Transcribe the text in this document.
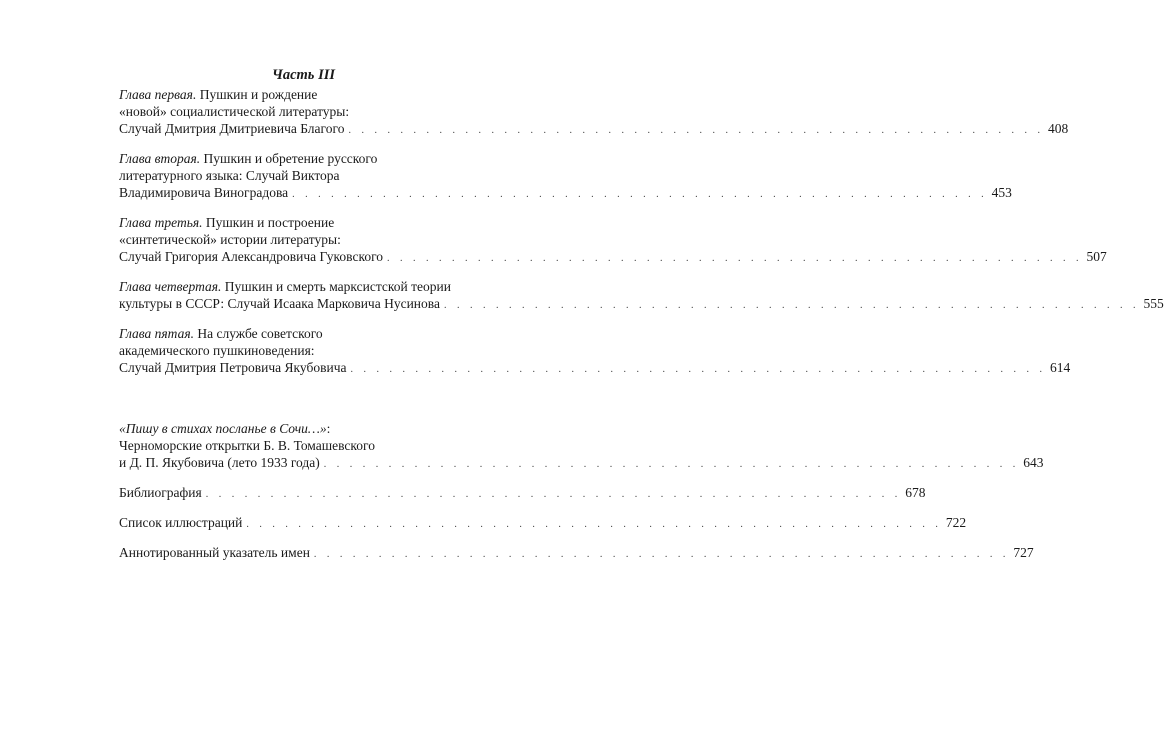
Часть III
Глава первая. Пушкин и рождение
«новой» социалистической литературы:
Случай Дмитрия Дмитриевича Благого . . . . . . . . . . . . . . . . . . . . . . . . . . . . . . . . . . . . . . . . . . . . . . . . . . . . . . 408
Глава вторая. Пушкин и обретение русского
литературного языка: Случай Виктора
Владимировича Виноградова . . . . . . . . . . . . . . . . . . . . . . . . . . . . . . . . . . . . . . . . . . . . . . . . . . . . . . 453
Глава третья. Пушкин и построение
«синтетической» истории литературы:
Случай Григория Александровича Гуковского . . . . . . . . . . . . . . . . . . . . . . . . . . . . . . . . . . . . . . . . . . . . . . . . . . . . . . 507
Глава четвертая. Пушкин и смерть марксистской теории
культуры в СССР: Случай Исаака Марковича Нусинова . . . . . . . . . . . . . . . . . . . . . . . . . . . . . . . . . . . . . . . . . . . . . . . . . . . . . . 555
Глава пятая. На службе советского
академического пушкиноведения:
Случай Дмитрия Петровича Якубовича . . . . . . . . . . . . . . . . . . . . . . . . . . . . . . . . . . . . . . . . . . . . . . . . . . . . . . 614
«Пишу в стихах посланье в Сочи…»:
Черноморские открытки Б. В. Томашевского
и Д. П. Якубовича (лето 1933 года) . . . . . . . . . . . . . . . . . . . . . . . . . . . . . . . . . . . . . . . . . . . . . . . . . . . . . . 643
Библиография . . . . . . . . . . . . . . . . . . . . . . . . . . . . . . . . . . . . . . . . . . . . . . . . . . . . . . 678
Список иллюстраций . . . . . . . . . . . . . . . . . . . . . . . . . . . . . . . . . . . . . . . . . . . . . . . . . . . . . . 722
Аннотированный указатель имен . . . . . . . . . . . . . . . . . . . . . . . . . . . . . . . . . . . . . . . . . . . . . . . . . . . . . . 727
